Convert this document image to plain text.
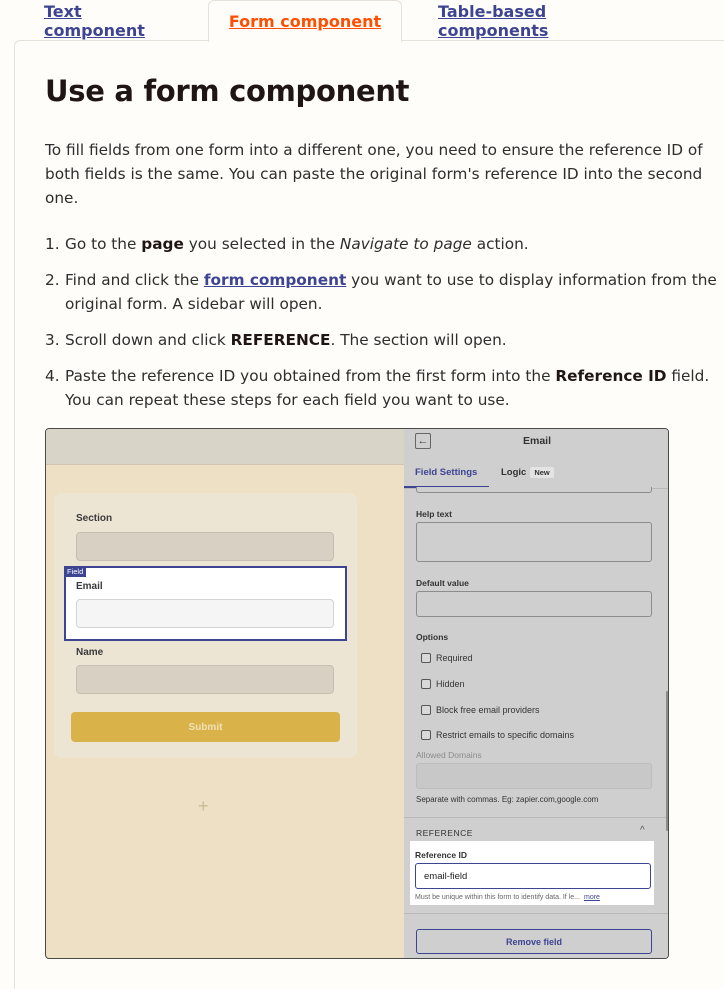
Text component	Form component
Table-based components
Use a form component

To fill fields from one form into a different one, you need to ensure the reference ID of both fields is the same. You can paste the original form's reference ID into the second one.

1. Go to the page you selected in the Navigate to page action.
2. Find and click the form component you want to use to display information from the original form. A sidebar will open.
3. Scroll down and click REFERENCE. The section will open.
4. Paste the reference ID you obtained from the first form into the Reference ID field. You can repeat these steps for each field you want to use.
Section
Name
Field
Email
Submit
+
←	Email
Field Settings Logic New
Help text
Default value
Options
Required
Hidden
Block free email providers
Restrict emails to specific domains
Allowed Domains
Separate with commas. Eg: zapier.com,google.com
REFERENCE	^
Reference ID
email-field
Must be unique within this form to identify data. If le... more
Remove field
